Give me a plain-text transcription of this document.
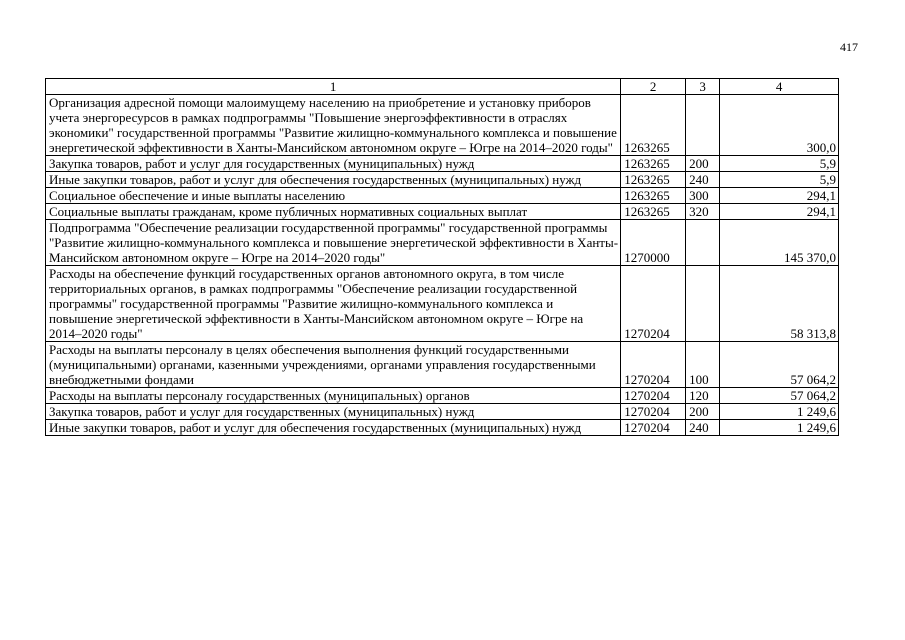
417
1	2	3	4
Организация адресной помощи малоимущему населению на приобретение и установку приборов учета энергоресурсов в рамках подпрограммы "Повышение энергоэффективности в отраслях экономики" государственной программы "Развитие жилищно-коммунального комплекса и повышение энергетической эффективности в Ханты-Мансийском автономном округе – Югре на 2014–2020 годы"	1263265		300,0
Закупка товаров, работ и услуг для государственных (муниципальных) нужд	1263265	200	5,9
Иные закупки товаров, работ и услуг для обеспечения государственных (муниципальных) нужд	1263265	240	5,9
Социальное обеспечение и иные выплаты населению	1263265	300	294,1
Социальные выплаты гражданам, кроме публичных нормативных социальных выплат	1263265	320	294,1
Подпрограмма "Обеспечение реализации государственной программы" государственной программы "Развитие жилищно-коммунального комплекса и повышение энергетической эффективности в Ханты-Мансийском автономном округе – Югре на 2014–2020 годы"	1270000		145 370,0
Расходы на обеспечение функций государственных органов автономного округа, в том числе территориальных органов, в рамках подпрограммы "Обеспечение реализации государственной программы" государственной программы "Развитие жилищно-коммунального комплекса и повышение энергетической эффективности в Ханты-Мансийском автономном округе – Югре на 2014–2020 годы"	1270204		58 313,8
Расходы на выплаты персоналу в целях обеспечения выполнения функций государственными (муниципальными) органами, казенными учреждениями, органами управления государственными внебюджетными фондами	1270204	100	57 064,2
Расходы на выплаты персоналу государственных (муниципальных) органов	1270204	120	57 064,2
Закупка товаров, работ и услуг для государственных (муниципальных) нужд	1270204	200	1 249,6
Иные закупки товаров, работ и услуг для обеспечения государственных (муниципальных) нужд	1270204	240	1 249,6
